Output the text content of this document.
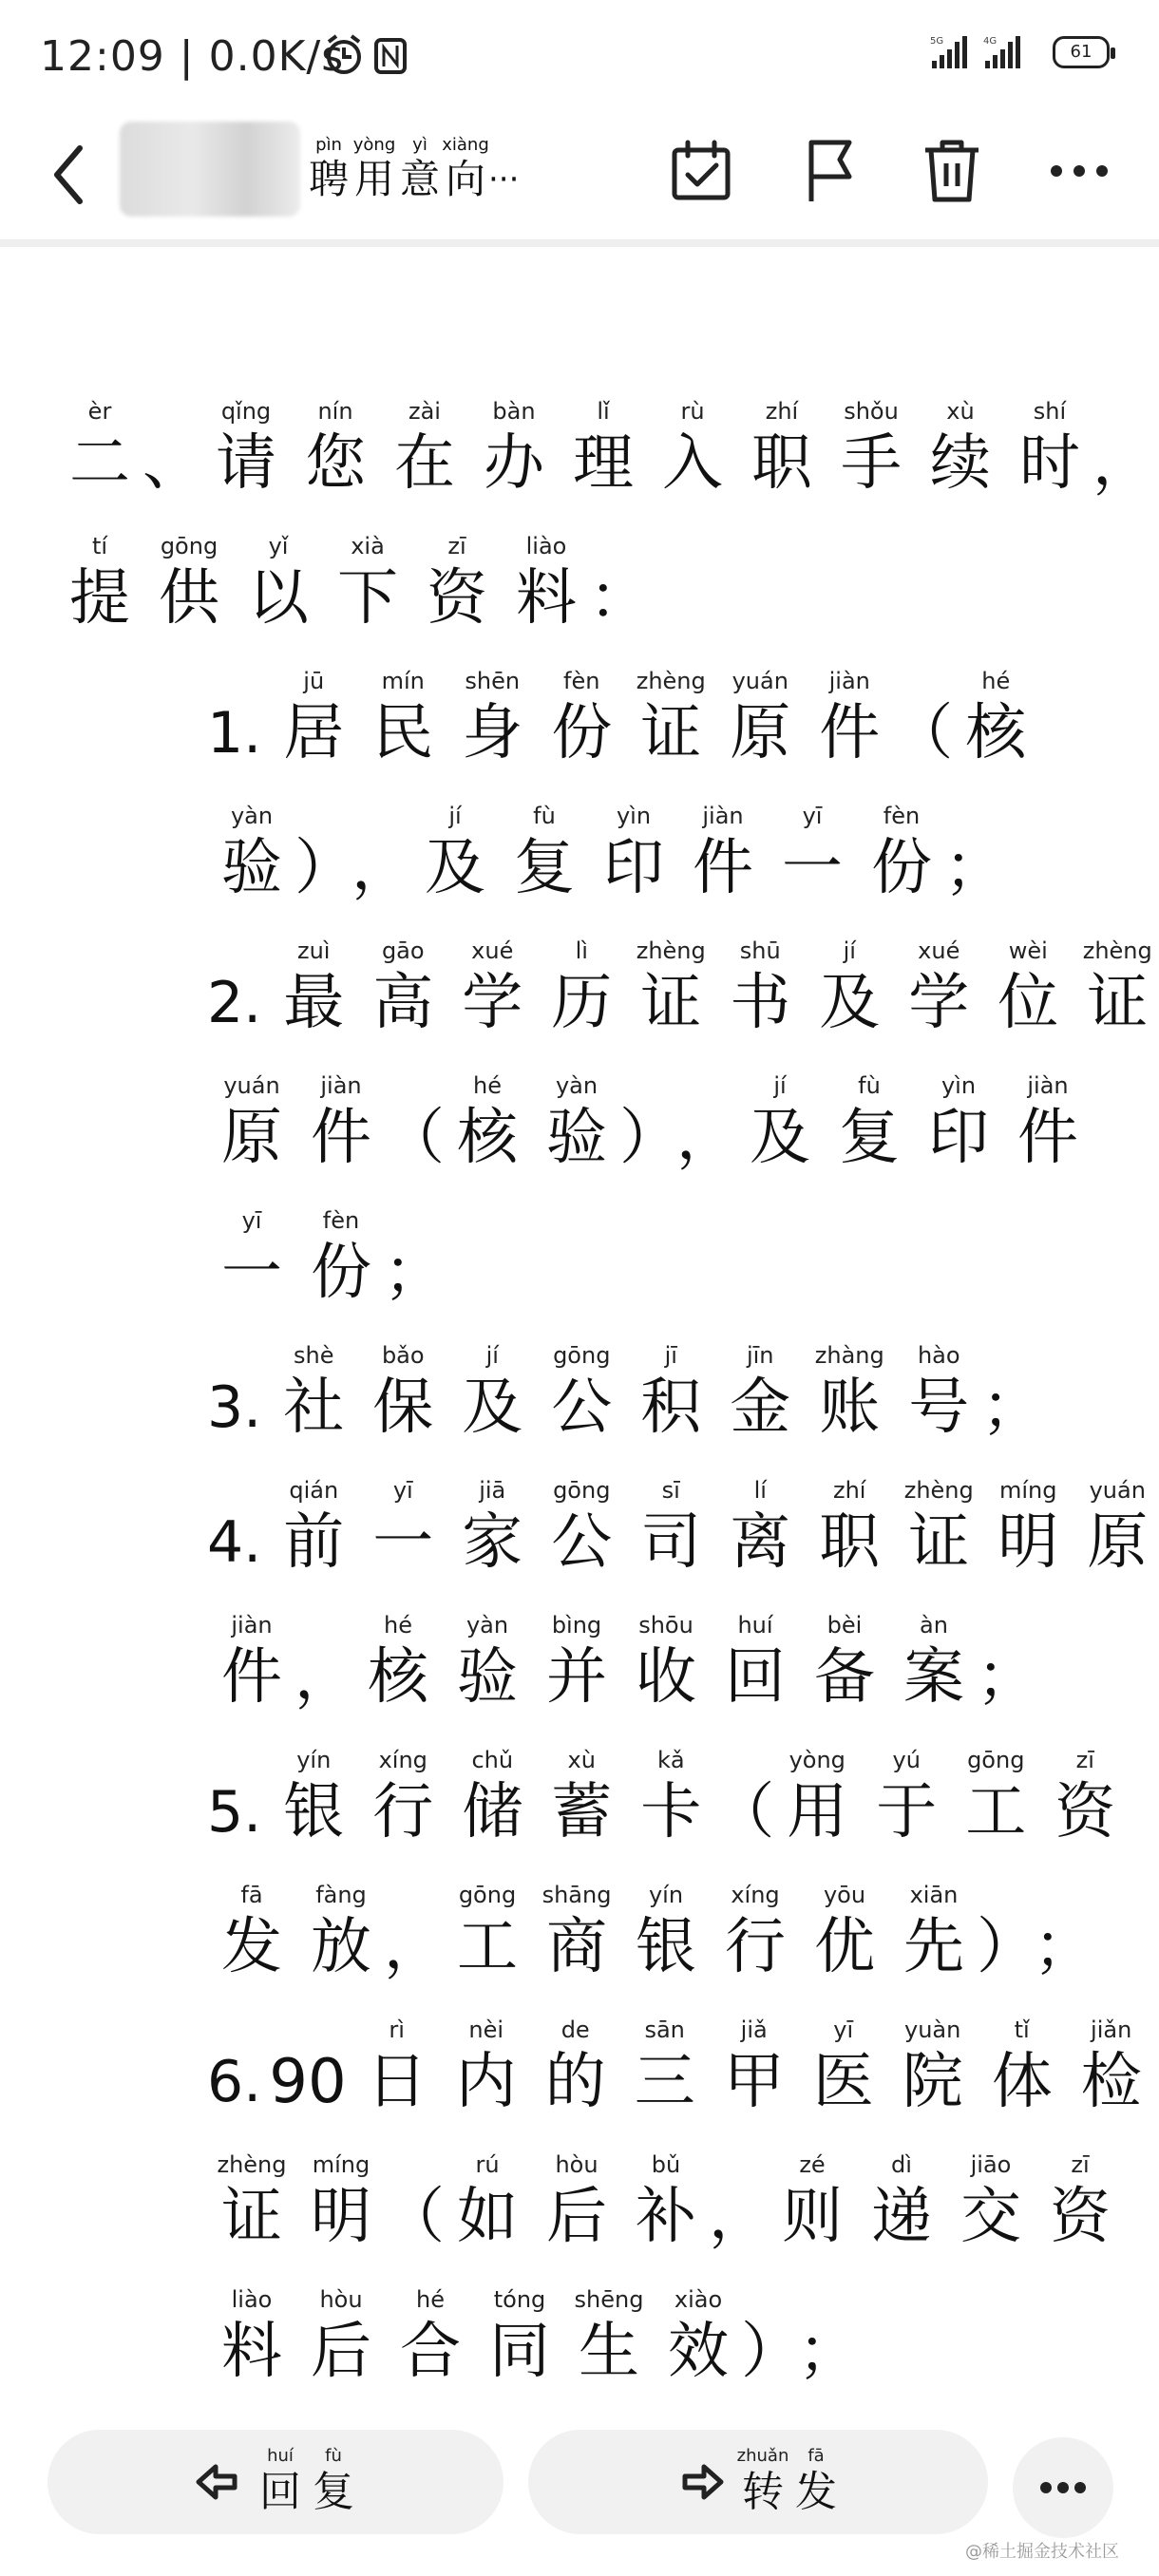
12:09 | 0.0K/s	5G	4G
61
pìn
聘
yòng
用
yì
意
xiàng
向 ···
èr
二 、
qǐng
请
nín
您
zài
在
bàn
办
lǐ
理
rù
入
zhí
职
shǒu
手
xù
续
shí
时 ，
tí
提
gōng
供
yǐ
以
xià
下
zī
资
liào
料 ：
1.
jū
居
mín
民
shēn
身
fèn
份
zhèng
证
yuán
原
jiàn
件 （
hé
核
yàn
验 ）
，
jí
及
fù
复
yìn
印
jiàn
件
yī
一
fèn
份 ；
2.
zuì
最
gāo
高
xué
学
lì
历
zhèng
证
shū
书
jí
及
xué
学
wèi
位
zhèng
证
yuán
原
jiàn
件 （
hé
核
yàn
验 ）
，
jí
及
fù
复
yìn
印
jiàn
件
yī
一
fèn
份 ；
3.
shè
社
bǎo
保
jí
及
gōng
公
jī
积
jīn
金
zhàng
账
hào
号 ；
4.
qián
前
yī
一
jiā
家
gōng
公
sī
司
lí
离
zhí
职
zhèng
证
míng
明
yuán
原
jiàn
件 ，
hé
核
yàn
验
bìng
并
shōu
收
huí
回
bèi
备
àn
案 ；
5.
yín
银
xíng
行
chǔ
储
xù
蓄
kǎ
卡 （
yòng
用
yú
于
gōng
工
zī
资
fā
发
fàng
放 ，
gōng
工
shāng
商
yín
银
xíng
行
yōu
优
xiān
先 ）
；
6. 90
rì
日
nèi
内
de
的
sān
三
jiǎ
甲
yī
医
yuàn
院
tǐ
体
jiǎn
检
zhèng
证
míng
明 （
rú
如
hòu
后
bǔ
补 ，
zé
则
dì
递
jiāo
交
zī
资
liào
料
hòu
后
hé
合
tóng
同
shēng
生
xiào
效 ）
；
huí
回
fù
复
zhuǎn
转
fā
发
@稀土掘金技术社区
